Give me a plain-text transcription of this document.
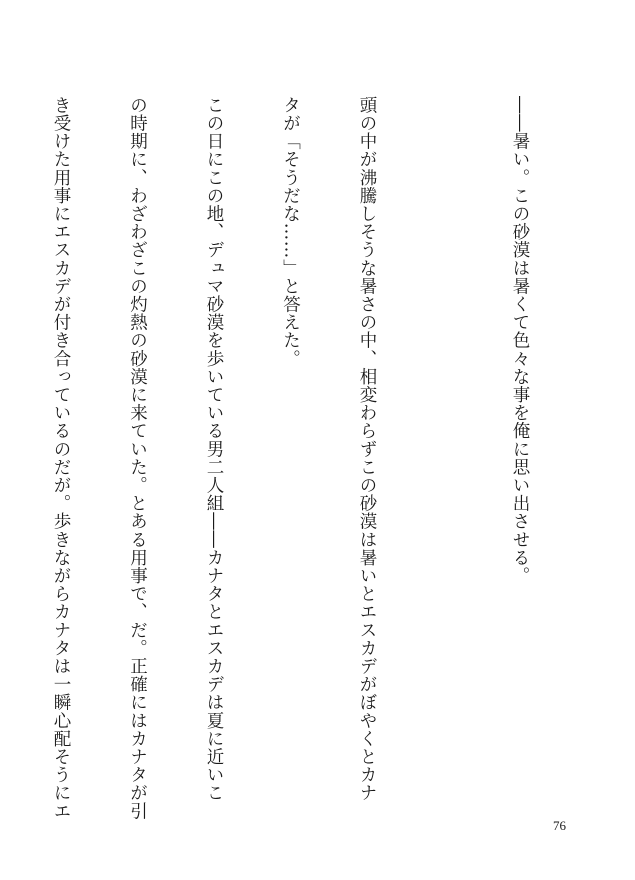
――暑い。この砂漠は暑くて色々な事を俺に思い出させる。

頭の中が沸騰しそうな暑さの中、相変わらずこの砂漠は暑いとエスカデがぼやくとカナ

タが「そうだな……」と答えた。

この日にこの地、デュマ砂漠を歩いている男二人組――カナタとエスカデは夏に近いこ

の時期に、わざわざこの灼熱の砂漠に来ていた。とある用事で、だ。正確にはカナタが引

き受けた用事にエスカデが付き合っているのだが。歩きながらカナタは一瞬心配そうにエ

76
